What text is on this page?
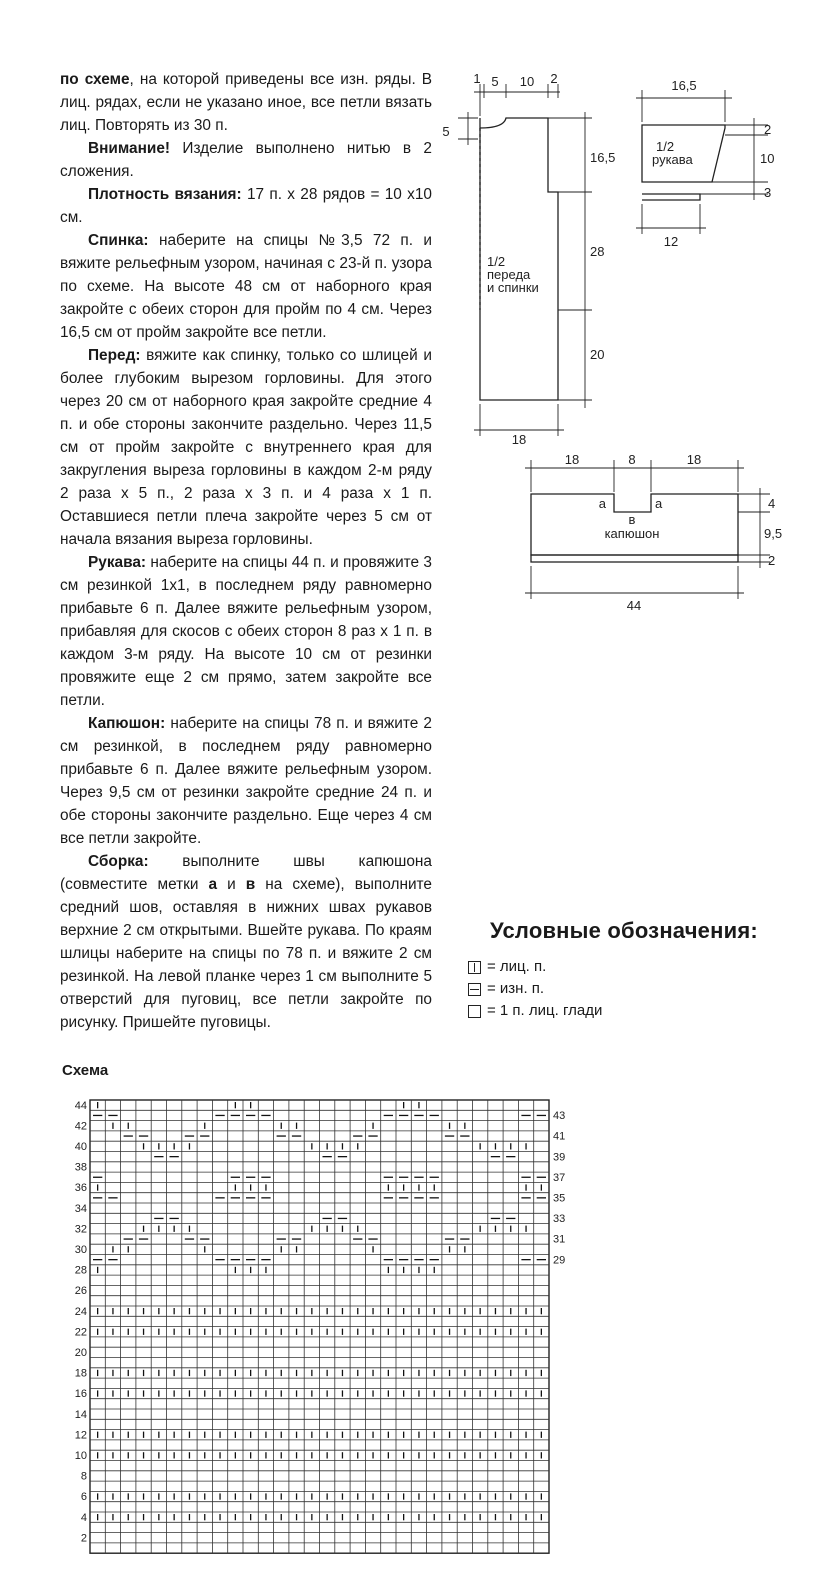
по схеме, на которой приведены все изн. ряды. В лиц. рядах, если не указано иное, все петли вязать лиц. Повторять из 30 п.

Внимание! Изделие выполнено нитью в 2 сложения.

Плотность вязания: 17 п. х 28 рядов = 10 х10 см.

Спинка: наберите на спицы №3,5 72 п. и вяжите рельефным узором, начиная с 23-й п. узора по схеме. На высоте 48 см от наборного края закройте с обеих сторон для пройм по 4 см. Через 16,5 см от пройм закройте все петли.

Перед: вяжите как спинку, только со шлицей и более глубоким вырезом горловины. Для этого через 20 см от наборного края закройте средние 4 п. и обе стороны закончите раздельно. Через 11,5 см от пройм закройте с внутреннего края для закругления выреза горловины в каждом 2-м ряду 2 раза х 5 п., 2 раза х 3 п. и 4 раза х 1 п. Оставшиеся петли плеча закройте через 5 см от начала вязания выреза горловины.

Рукава: наберите на спицы 44 п. и провяжите 3 см резинкой 1x1, в последнем ряду равномерно прибавьте 6 п. Далее вяжите рельефным узором, прибавляя для скосов с обеих сторон 8 раз х 1 п. в каждом 3-м ряду. На высоте 10 см от резинки провяжите еще 2 см прямо, затем закройте все петли.

Капюшон: наберите на спицы 78 п. и вяжите 2 см резинкой, в последнем ряду равномерно прибавьте 6 п. Далее вяжите рельефным узором. Через 9,5 см от резинки закройте средние 24 п. и обе стороны закончите раздельно. Еще через 4 см все петли закройте.

Сборка: выполните швы капюшона (совместите метки а и в на схеме), выполните средний шов, оставляя в нижних швах рукавов верхние 2 см открытыми. Вшейте рукава. По краям шлицы наберите на спицы по 78 п. и вяжите 2 см резинкой. На левой планке через 1 см выполните 5 отверстий для пуговиц, все петли закройте по рисунку. Пришейте пуговицы.

1/2
переда
и спинки
1 5 10 2
5
16,5
28
20
18
1/2
рукава
16,5
2
10
3
12
а	а
в
капюшон
18	8	18
4
9,5
2
44
Условные обозначения:
= лиц. п.
= изн. п.
= 1 п. лиц. глади
Схема
44
42
40
38
36
34
32
30
28
26
24
22
20
18
16
14
12
10
8
6
4
2
43
41
39
37
35
33
31
29
